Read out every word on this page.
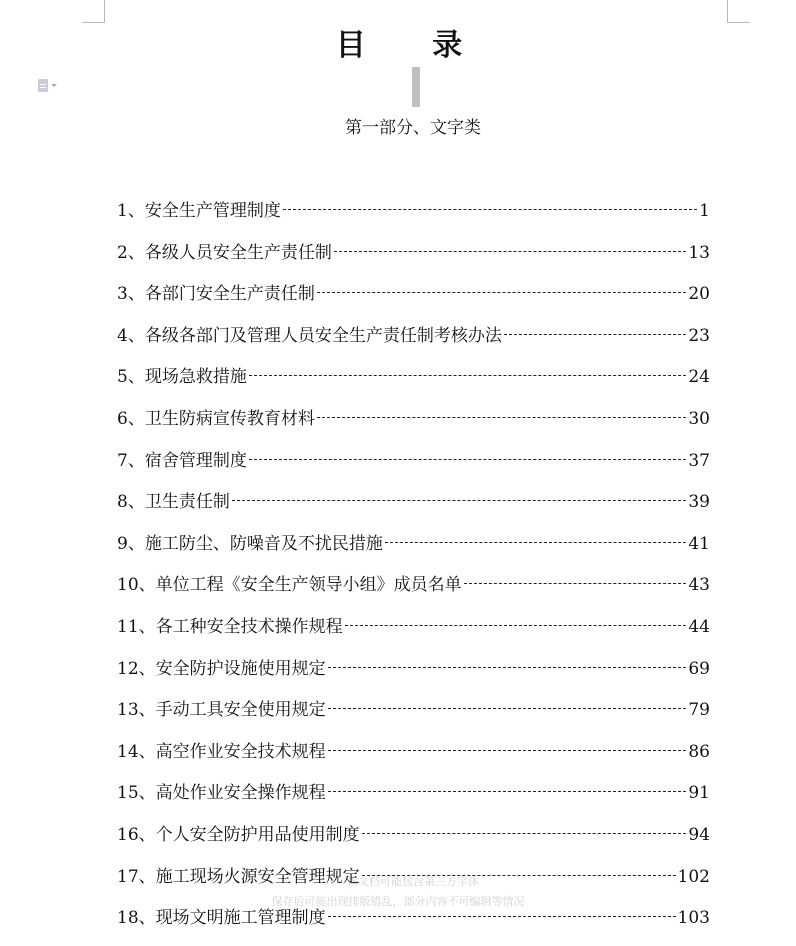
目 录

第一部分、文字类

1、 安全生产管理制度	1
2、 各级人员安全生产责任制	13
3、 各部门安全生产责任制	20
4、 各级各部门及管理人员安全生产责任制考核办法	23
5、 现场急救措施	24
6、 卫生防病宣传教育材料	30
7、 宿舍管理制度	37
8、 卫生责任制	39
9、 施工防尘、防噪音及不扰民措施	41
10、 单位工程《安全生产领导小组》成员名单	43
11、 各工种安全技术操作规程	44
12、 安全防护设施使用规定	69
13、 手动工具安全使用规定	79
14、 高空作业安全技术规程	86
15、 高处作业安全操作规程	91
16、 个人安全防护用品使用制度	94
17、 施工现场火源安全管理规定	102
18、 现场文明施工管理制度	103
该文档可能包含第三方字体
保存后可能出现排版错乱，部分内容不可编辑等情况
